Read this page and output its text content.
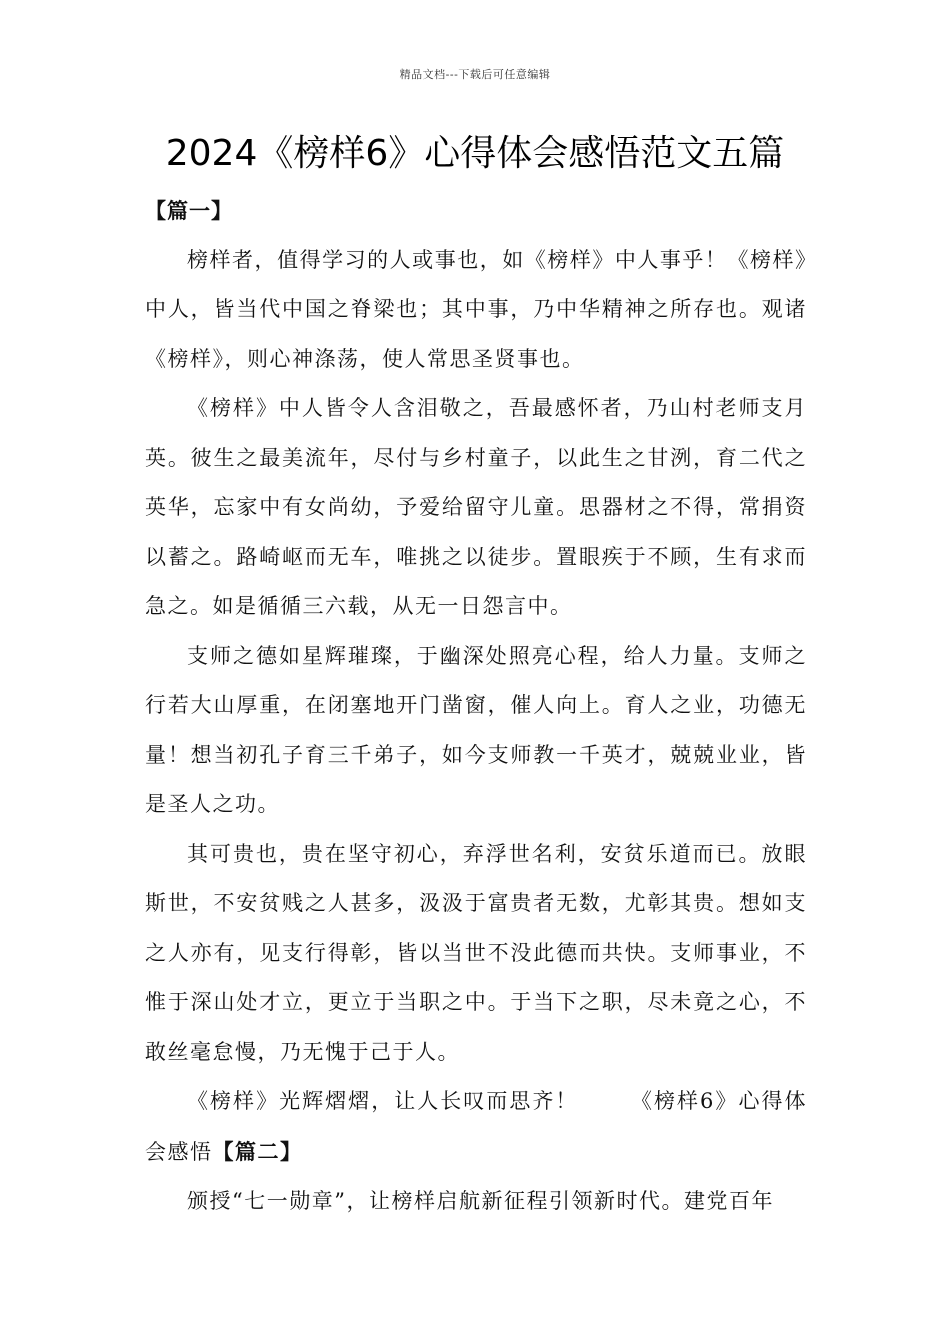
精品文档---下载后可任意编辑
2024《榜样6》心得体会感悟范文五篇

【篇一】

榜样者，值得学习的人或事也，如《榜样》中人事乎！《榜样》中人，皆当代中国之脊梁也；其中事，乃中华精神之所存也。观诸《榜样》，则心神涤荡，使人常思圣贤事也。

《榜样》中人皆令人含泪敬之，吾最感怀者，乃山村老师支月英。彼生之最美流年，尽付与乡村童子，以此生之甘洌，育二代之英华，忘家中有女尚幼，予爱给留守儿童。思器材之不得，常捐资以蓄之。路崎岖而无车，唯挑之以徒步。置眼疾于不顾，生有求而急之。如是循循三六载，从无一日怨言中。

支师之德如星辉璀璨，于幽深处照亮心程，给人力量。支师之行若大山厚重，在闭塞地开门凿窗，催人向上。育人之业，功德无量！想当初孔子育三千弟子，如今支师教一千英才，兢兢业业，皆是圣人之功。

其可贵也，贵在坚守初心，弃浮世名利，安贫乐道而已。放眼斯世，不安贫贱之人甚多，汲汲于富贵者无数，尤彰其贵。想如支之人亦有，见支行得彰，皆以当世不没此德而共快。支师事业，不惟于深山处才立，更立于当职之中。于当下之职，尽未竟之心，不敢丝毫怠慢，乃无愧于己于人。

《榜样》光辉熠熠，让人长叹而思齐！ 《榜样6》心得体会感悟【篇二】

颁授“七一勋章”，让榜样启航新征程引领新时代。建党百年
